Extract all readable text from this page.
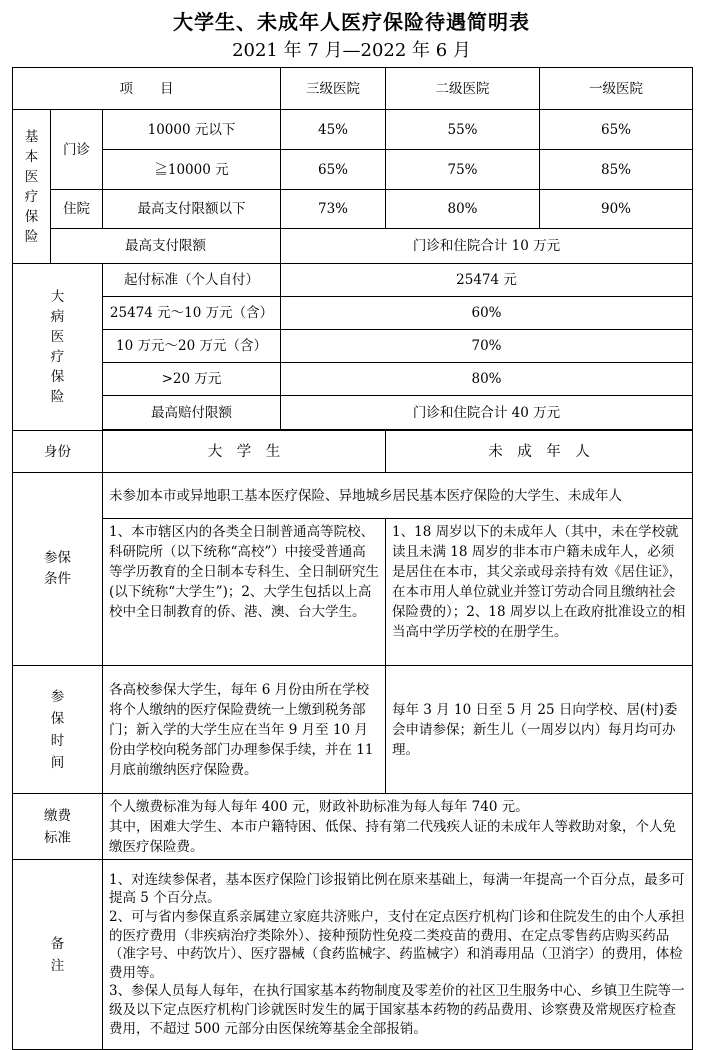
大学生、未成年人医疗保险待遇简明表
2021 年 7 月—2022 年 6 月
项　　目			三级医院	二级医院	一级医院

基本医疗保险	门诊	10000 元以下	45%	55%	65%
		≧10000 元	65%	75%	85%
	住院	最高支付限额以下	73%	80%	90%
	最高支付限额		门诊和住院合计 10 万元		

大病医疗保险		起付标准（个人自付）	25474 元		
		25474 元～10 万元（含）	60%		
		10 万元～20 万元（含）	70%		
		>20 万元	80%		
		最高赔付限额	门诊和住院合计 40 万元		

身份		大　学　生		未　成　年　人	

参保条件		未参加本市或异地职工基本医疗保险、异地城乡居民基本医疗保险的大学生、未成年人			
		1、本市辖区内的各类全日制普通高等院校、科研院所（以下统称“高校”）中接受普通高等学历教育的全日制本专科生、全日制研究生(以下统称“大学生”)；2、大学生包括以上高校中全日制教育的侨、港、澳、台大学生。		1、18 周岁以下的未成年人（其中，未在学校就读且未满 18 周岁的非本市户籍未成年人，必须是居住在本市，其父亲或母亲持有效《居住证》，在本市用人单位就业并签订劳动合同且缴纳社会保险费的）；2、18 周岁以上在政府批准设立的相当高中学历学校的在册学生。	

参保时间		各高校参保大学生，每年 6 月份由所在学校将个人缴纳的医疗保险费统一上缴到税务部门；新入学的大学生应在当年 9 月至 10 月份由学校向税务部门办理参保手续，并在 11 月底前缴纳医疗保险费。		每年 3 月 10 日至 5 月 25 日向学校、居(村)委会申请参保；新生儿（一周岁以内）每月均可办理。	

缴费标准		个人缴费标准为每人每年 400 元，财政补助标准为每人每年 740 元。
其中，困难大学生、本市户籍特困、低保、持有第二代残疾人证的未成年人等救助对象，个人免缴医疗保险费。			

备注		1、对连续参保者，基本医疗保险门诊报销比例在原来基础上，每满一年提高一个百分点，最多可提高 5 个百分点。
2、可与省内参保直系亲属建立家庭共济账户，支付在定点医疗机构门诊和住院发生的由个人承担的医疗费用（非疾病治疗类除外）、接种预防性免疫二类疫苗的费用、在定点零售药店购买药品（准字号、中药饮片）、医疗器械（食药监械字、药监械字）和消毒用品（卫消字）的费用，体检费用等。
3、参保人员每人每年，在执行国家基本药物制度及零差价的社区卫生服务中心、乡镇卫生院等一级及以下定点医疗机构门诊就医时发生的属于国家基本药物的药品费用、诊察费及常规医疗检查费用，不超过 500 元部分由医保统筹基金全部报销。			
